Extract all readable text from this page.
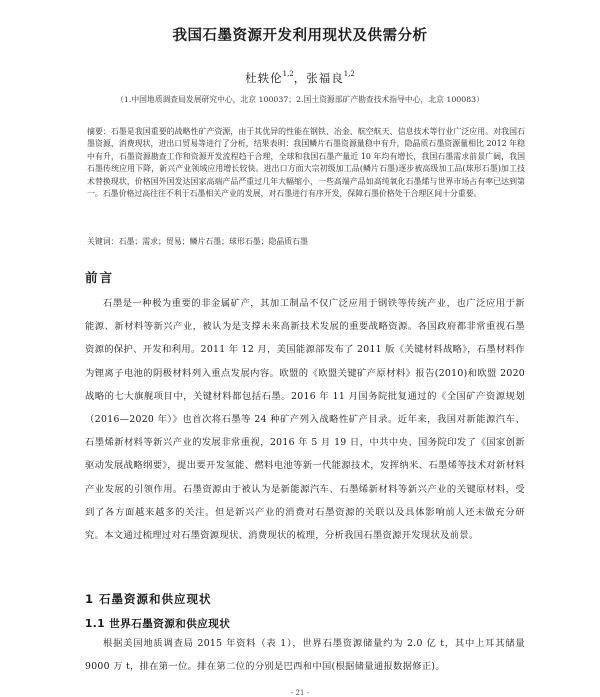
我国石墨资源开发利用现状及供需分析
杜轶伦$^{1,2}$，张福良$^{1,2}$
（1.中国地质调查局发展研究中心，北京 100037；2.国土资源部矿产勘查技术指导中心，北京 100083）
摘要：石墨是我国重要的战略性矿产资源，由于其优异的性能在钢铁、冶金、航空航天、信息技术等行业广泛应用。对我国石墨资源、消费现状，进出口贸易等进行了分析，结果表明：我国鳞片石墨资源量稳中有升，隐晶质石墨资源量相比 2012 年稳中有升，石墨资源勘查工作和资源开发流程趋于合理，全球和我国石墨产量近 10 年均有增长，我国石墨需求前景广阔，我国石墨传统应用下降，新兴产业领域应用增长较快。进出口方面大宗初级加工品(鳞片石墨)逐步被高级加工品(球形石墨)加工技术替换现状，价格国外国发达国家高端产品严重过几年大幅缩小，一些高端产品如高纯氧化石墨烯与世界市场占有率已达到第一。石墨价格过高往往不利于石墨相关产业的发展，对石墨进行有序开发，保障石墨价格处于合理区间十分重要。
关键词：石墨；需求；贸易；鳞片石墨；球形石墨；隐晶质石墨
前言
石墨是一种极为重要的非金属矿产，其加工制品不仅广泛应用于钢铁等传统产业，也广泛应用于新能源、新材料等新兴产业，被认为是支撑未来高新技术发展的重要战略资源。各国政府都非常重视石墨资源的保护、开发和利用。2011 年 12 月，美国能源部发布了 2011 版《关键材料战略》，石墨材料作为锂离子电池的阴极材料列入重点发展内容。欧盟的《欧盟关键矿产原材料》报告(2010)和欧盟 2020 战略的七大旗舰项目中，关键材料都包括石墨。2016 年 11 月国务院批复通过的《全国矿产资源规划（2016—2020 年）》也首次将石墨等 24 种矿产列入战略性矿产目录。近年来，我国对新能源汽车、石墨烯新材料等新兴产业的发展非常重视，2016 年 5 月 19 日，中共中央、国务院印发了《国家创新驱动发展战略纲要》，提出要开发氢能、燃料电池等新一代能源技术，发挥纳米、石墨烯等技术对新材料产业发展的引领作用。石墨资源由于被认为是新能源汽车、石墨烯新材料等新兴产业的关键原材料，受到了各方面越来越多的关注。但是新兴产业的消费对石墨资源的关联以及具体影响前人还未做充分研究。本文通过梳理过对石墨资源现状、消费现状的梳理，分析我国石墨资源开发现状及前景。
1 石墨资源和供应现状
1.1 世界石墨资源和供应现状
根据美国地质调查局 2015 年资料（表 1），世界石墨资源储量约为 2.0 亿 t，其中上耳其储量 9000 万 t，排在第一位。排在第二位的分别是巴西和中国(根据储量通报数据修正)。
- 21 -
